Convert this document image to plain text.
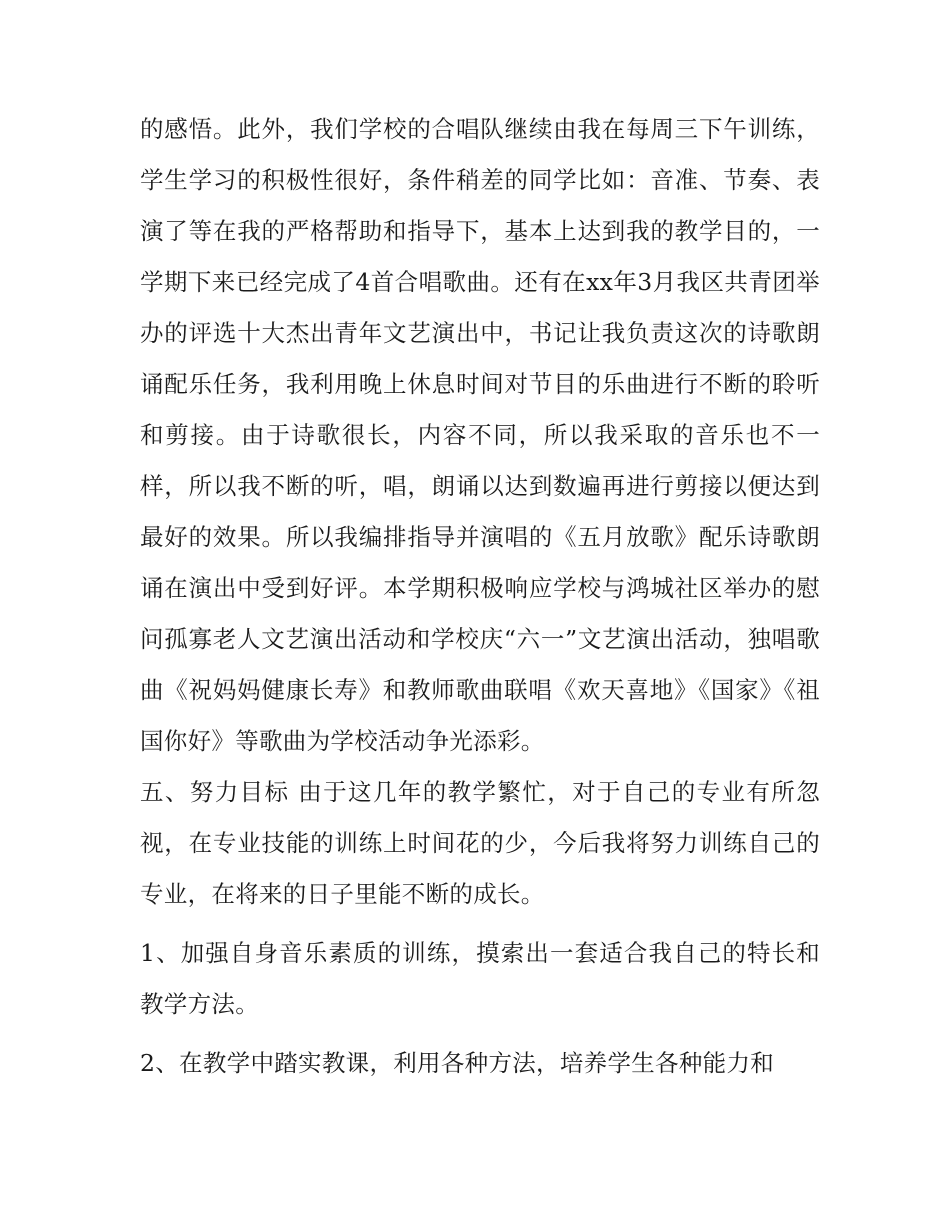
的感悟。此外，我们学校的合唱队继续由我在每周三下午训练，学生学习的积极性很好，条件稍差的同学比如：音准、节奏、表演了等在我的严格帮助和指导下，基本上达到我的教学目的，一学期下来已经完成了4首合唱歌曲。还有在xx年3月我区共青团举办的评选十大杰出青年文艺演出中，书记让我负责这次的诗歌朗诵配乐任务，我利用晚上休息时间对节目的乐曲进行不断的聆听和剪接。由于诗歌很长，内容不同，所以我采取的音乐也不一样，所以我不断的听，唱，朗诵以达到数遍再进行剪接以便达到最好的效果。所以我编排指导并演唱的《五月放歌》配乐诗歌朗诵在演出中受到好评。本学期积极响应学校与鸿城社区举办的慰问孤寡老人文艺演出活动和学校庆“六一”文艺演出活动，独唱歌曲《祝妈妈健康长寿》和教师歌曲联唱《欢天喜地》《国家》《祖国你好》等歌曲为学校活动争光添彩。

五、努力目标 由于这几年的教学繁忙，对于自己的专业有所忽视，在专业技能的训练上时间花的少，今后我将努力训练自己的专业，在将来的日子里能不断的成长。

1、加强自身音乐素质的训练，摸索出一套适合我自己的特长和教学方法。

2、在教学中踏实教课，利用各种方法，培养学生各种能力和
